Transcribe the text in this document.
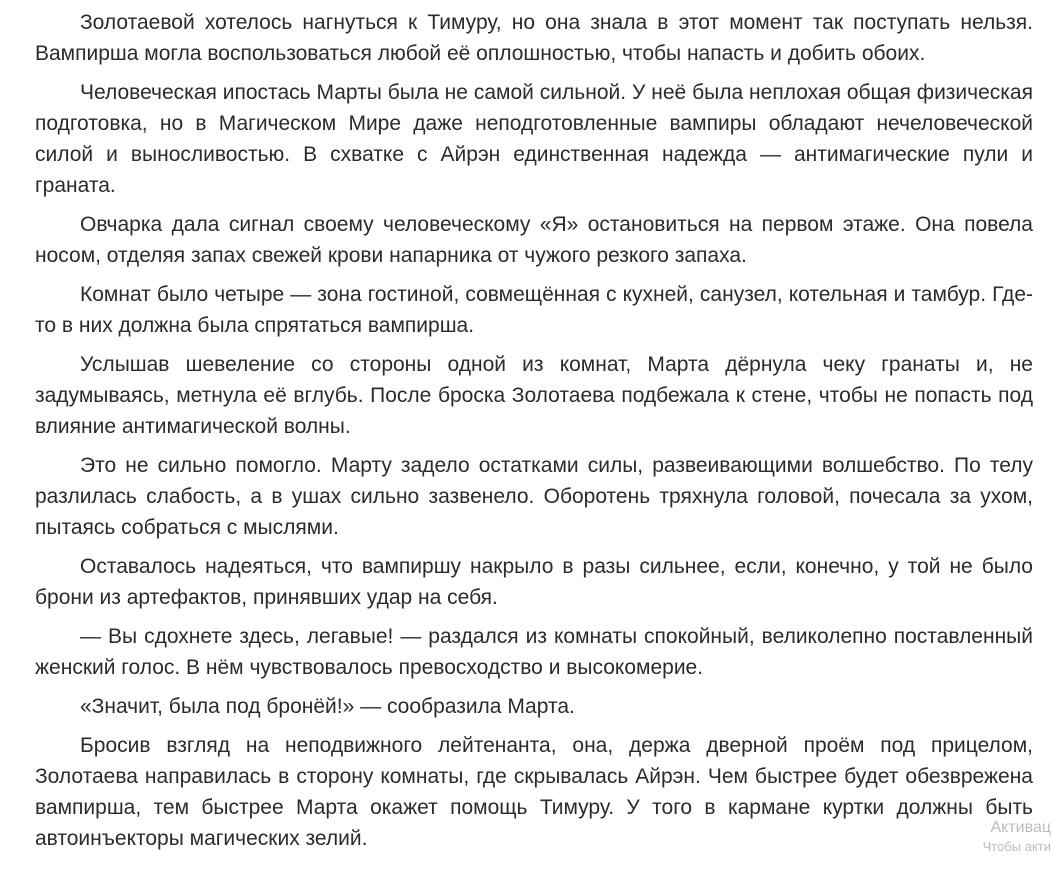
Золотаевой хотелось нагнуться к Тимуру, но она знала в этот момент так поступать нельзя. Вампирша могла воспользоваться любой её оплошностью, чтобы напасть и добить обоих.

Человеческая ипостась Марты была не самой сильной. У неё была неплохая общая физическая подготовка, но в Магическом Мире даже неподготовленные вампиры обладают нечеловеческой силой и выносливостью. В схватке с Айрэн единственная надежда — антимагические пули и граната.

Овчарка дала сигнал своему человеческому «Я» остановиться на первом этаже. Она повела носом, отделяя запах свежей крови напарника от чужого резкого запаха.

Комнат было четыре — зона гостиной, совмещённая с кухней, санузел, котельная и тамбур. Где-то в них должна была спрятаться вампирша.

Услышав шевеление со стороны одной из комнат, Марта дёрнула чеку гранаты и, не задумываясь, метнула её вглубь. После броска Золотаева подбежала к стене, чтобы не попасть под влияние антимагической волны.

Это не сильно помогло. Марту задело остатками силы, развеивающими волшебство. По телу разлилась слабость, а в ушах сильно зазвенело. Оборотень тряхнула головой, почесала за ухом, пытаясь собраться с мыслями.

Оставалось надеяться, что вампиршу накрыло в разы сильнее, если, конечно, у той не было брони из артефактов, принявших удар на себя.

— Вы сдохнете здесь, легавые! — раздался из комнаты спокойный, великолепно поставленный женский голос. В нём чувствовалось превосходство и высокомерие.

«Значит, была под бронёй!» — сообразила Марта.

Бросив взгляд на неподвижного лейтенанта, она, держа дверной проём под прицелом, Золотаева направилась в сторону комнаты, где скрывалась Айрэн. Чем быстрее будет обезврежена вампирша, тем быстрее Марта окажет помощь Тимуру. У того в кармане куртки должны быть автоинъекторы магических зелий.	Активац
Чтобы акти
